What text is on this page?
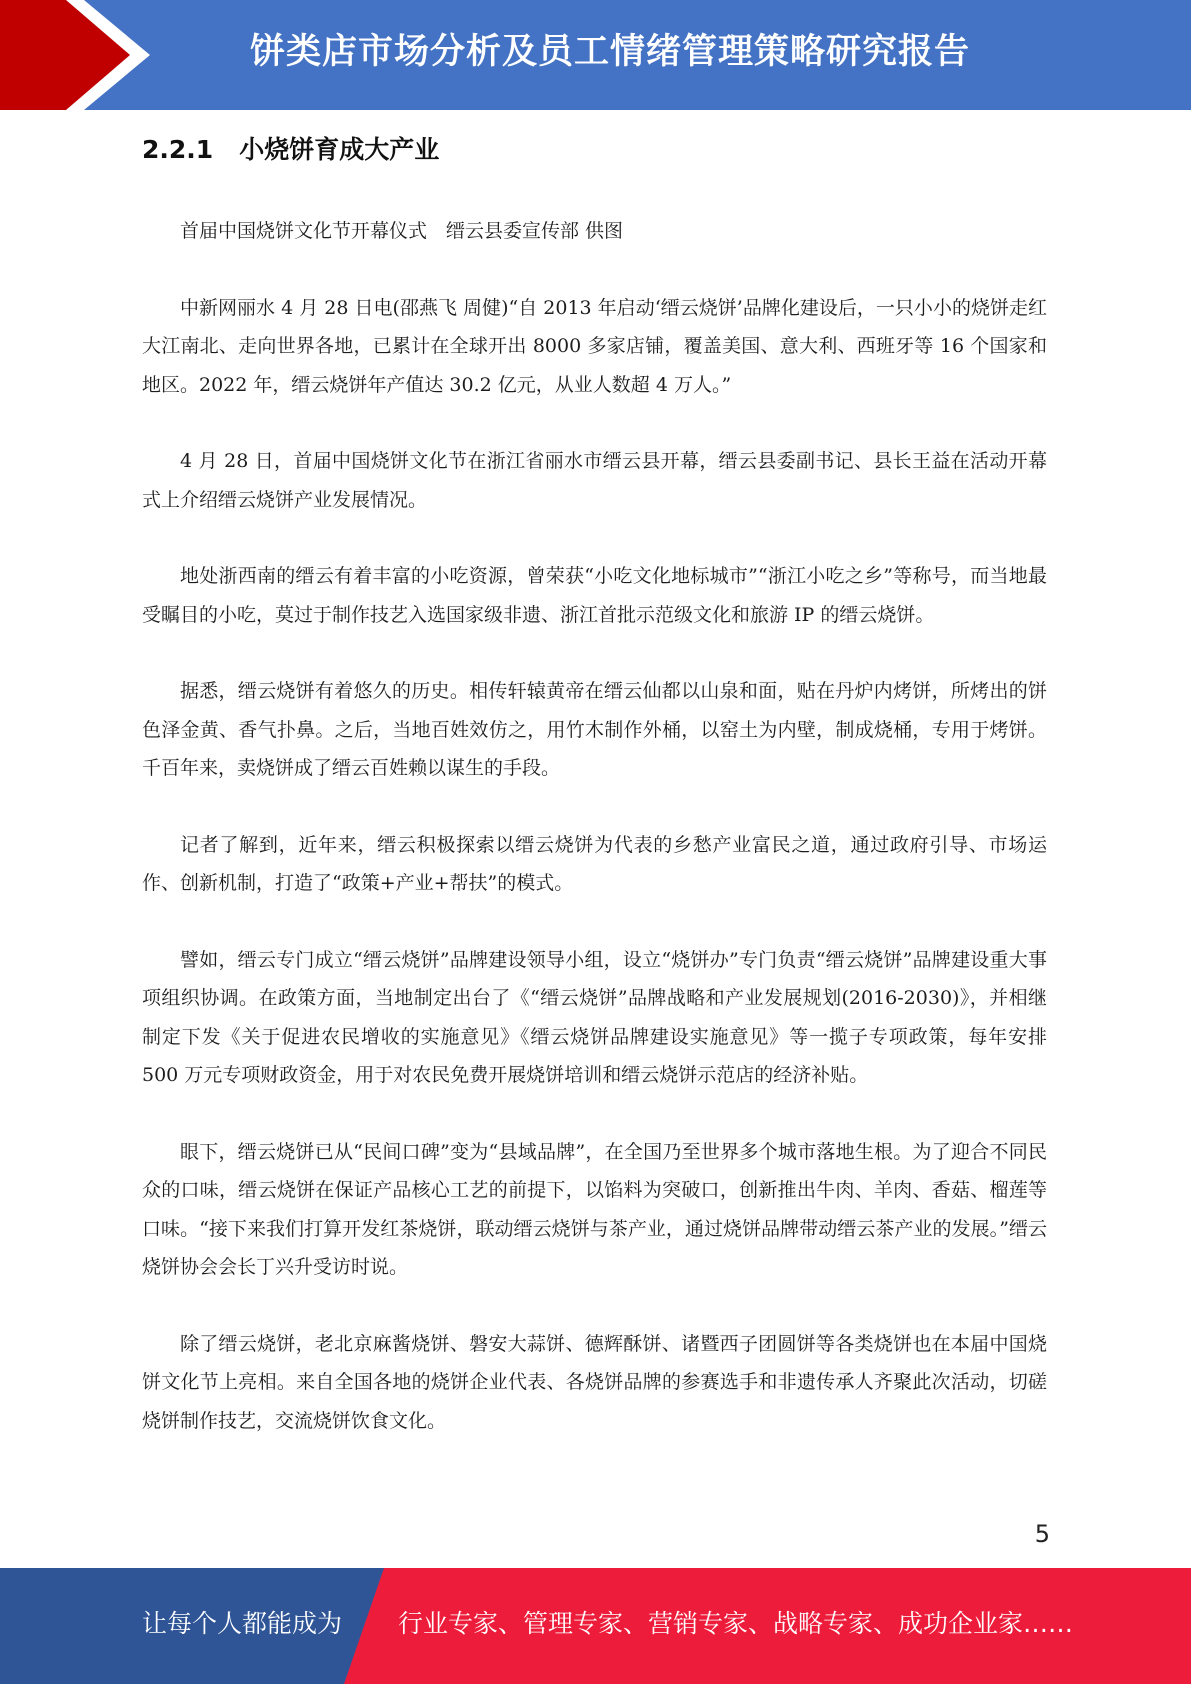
饼类店市场分析及员工情绪管理策略研究报告
2.2.1 小烧饼育成大产业

首届中国烧饼文化节开幕仪式　缙云县委宣传部 供图

中新网丽水 4 月 28 日电(邵燕飞 周健)“自 2013 年启动‘缙云烧饼’品牌化建设后，一只小小的烧饼走红大江南北、走向世界各地，已累计在全球开出 8000 多家店铺，覆盖美国、意大利、西班牙等 16 个国家和地区。2022 年，缙云烧饼年产值达 30.2 亿元，从业人数超 4 万人。”

4 月 28 日，首届中国烧饼文化节在浙江省丽水市缙云县开幕，缙云县委副书记、县长王益在活动开幕式上介绍缙云烧饼产业发展情况。

地处浙西南的缙云有着丰富的小吃资源，曾荣获“小吃文化地标城市”“浙江小吃之乡”等称号，而当地最受瞩目的小吃，莫过于制作技艺入选国家级非遗、浙江首批示范级文化和旅游 IP 的缙云烧饼。

据悉，缙云烧饼有着悠久的历史。相传轩辕黄帝在缙云仙都以山泉和面，贴在丹炉内烤饼，所烤出的饼色泽金黄、香气扑鼻。之后，当地百姓效仿之，用竹木制作外桶，以窑土为内壁，制成烧桶，专用于烤饼。千百年来，卖烧饼成了缙云百姓赖以谋生的手段。

记者了解到，近年来，缙云积极探索以缙云烧饼为代表的乡愁产业富民之道，通过政府引导、市场运作、创新机制，打造了“政策+产业+帮扶”的模式。

譬如，缙云专门成立“缙云烧饼”品牌建设领导小组，设立“烧饼办”专门负责“缙云烧饼”品牌建设重大事项组织协调。在政策方面，当地制定出台了《“缙云烧饼”品牌战略和产业发展规划(2016-2030)》，并相继制定下发《关于促进农民增收的实施意见》《缙云烧饼品牌建设实施意见》等一揽子专项政策，每年安排 500 万元专项财政资金，用于对农民免费开展烧饼培训和缙云烧饼示范店的经济补贴。

眼下，缙云烧饼已从“民间口碑”变为“县域品牌”，在全国乃至世界多个城市落地生根。为了迎合不同民众的口味，缙云烧饼在保证产品核心工艺的前提下，以馅料为突破口，创新推出牛肉、羊肉、香菇、榴莲等口味。“接下来我们打算开发红茶烧饼，联动缙云烧饼与茶产业，通过烧饼品牌带动缙云茶产业的发展。”缙云烧饼协会会长丁兴升受访时说。

除了缙云烧饼，老北京麻酱烧饼、磐安大蒜饼、德辉酥饼、诸暨西子团圆饼等各类烧饼也在本届中国烧饼文化节上亮相。来自全国各地的烧饼企业代表、各烧饼品牌的参赛选手和非遗传承人齐聚此次活动，切磋烧饼制作技艺，交流烧饼饮食文化。

5
让每个人都能成为 行业专家、管理专家、营销专家、战略专家、成功企业家……
